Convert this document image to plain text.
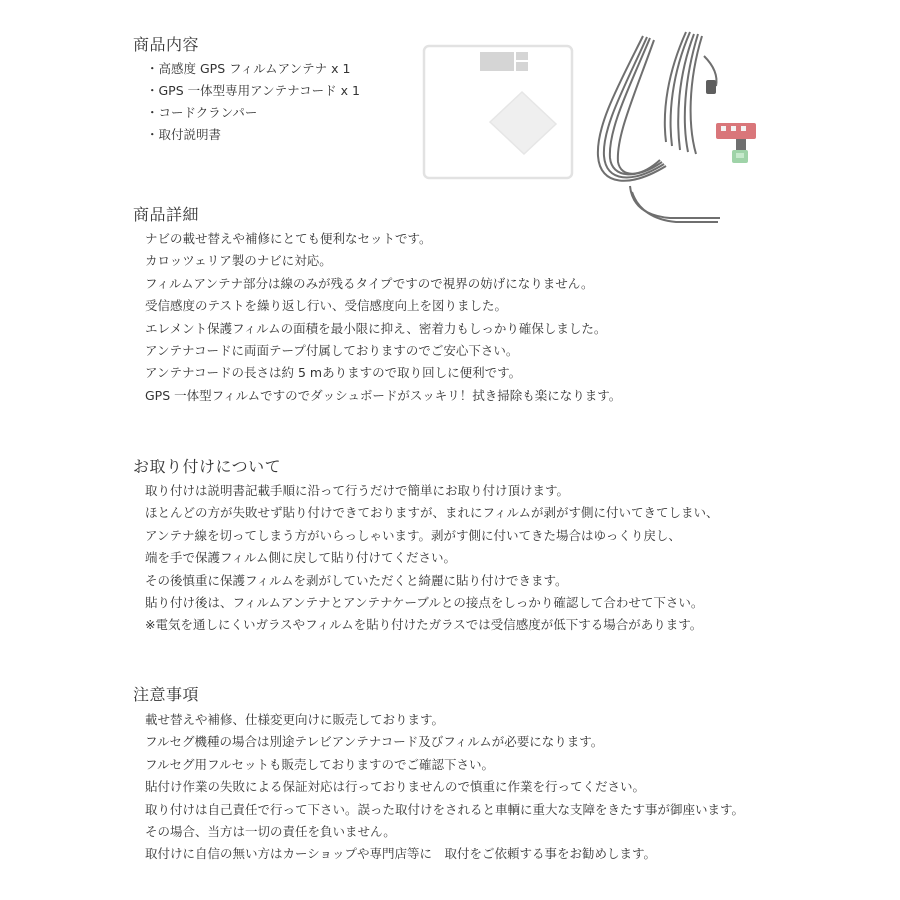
商品内容
・高感度 GPS フィルムアンテナ x 1
・GPS 一体型専用アンテナコード x 1
・コードクランパー
・取付説明書
商品詳細
ナビの載せ替えや補修にとても便利なセットです。
カロッツェリア製のナビに対応。
フィルムアンテナ部分は線のみが残るタイプですので視界の妨げになりません。
受信感度のテストを繰り返し行い、受信感度向上を図りました。
エレメント保護フィルムの面積を最小限に抑え、密着力もしっかり確保しました。
アンテナコードに両面テープ付属しておりますのでご安心下さい。
アンテナコードの長さは約 5 mありますので取り回しに便利です。
GPS 一体型フィルムですのでダッシュボードがスッキリ！拭き掃除も楽になります。
お取り付けについて
取り付けは説明書記載手順に沿って行うだけで簡単にお取り付け頂けます。
ほとんどの方が失敗せず貼り付けできておりますが、まれにフィルムが剥がす側に付いてきてしまい、
アンテナ線を切ってしまう方がいらっしゃいます。剥がす側に付いてきた場合はゆっくり戻し、
端を手で保護フィルム側に戻して貼り付けてください。
その後慎重に保護フィルムを剥がしていただくと綺麗に貼り付けできます。
貼り付け後は、フィルムアンテナとアンテナケーブルとの接点をしっかり確認して合わせて下さい。
※電気を通しにくいガラスやフィルムを貼り付けたガラスでは受信感度が低下する場合があります。
注意事項
載せ替えや補修、仕様変更向けに販売しております。
フルセグ機種の場合は別途テレビアンテナコード及びフィルムが必要になります。
フルセグ用フルセットも販売しておりますのでご確認下さい。
貼付け作業の失敗による保証対応は行っておりませんので慎重に作業を行ってください。
取り付けは自己責任で行って下さい。誤った取付けをされると車輌に重大な支障をきたす事が御座います。
その場合、当方は一切の責任を負いません。
取付けに自信の無い方はカーショップや専門店等に　取付をご依頼する事をお勧めします。
